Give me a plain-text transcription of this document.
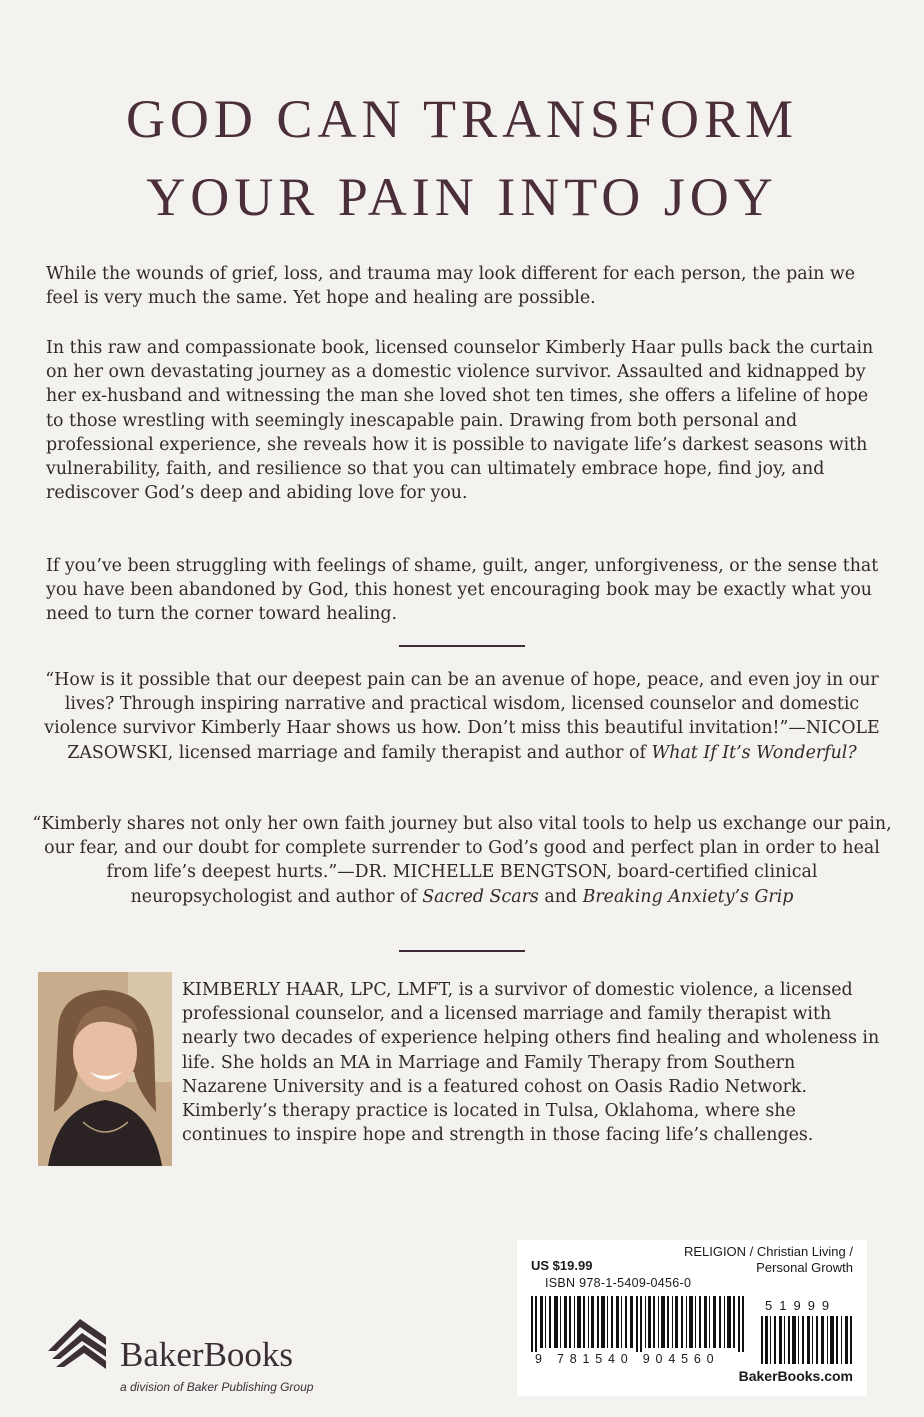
GOD CAN TRANSFORM
YOUR PAIN INTO JOY
While the wounds of grief, loss, and trauma may look different for each person, the pain we feel is very much the same. Yet hope and healing are possible.
In this raw and compassionate book, licensed counselor Kimberly Haar pulls back the curtain on her own devastating journey as a domestic violence survivor. Assaulted and kidnapped by her ex-husband and witnessing the man she loved shot ten times, she offers a lifeline of hope to those wrestling with seemingly inescapable pain. Drawing from both personal and professional experience, she reveals how it is possible to navigate life’s darkest seasons with vulnerability, faith, and resilience so that you can ultimately embrace hope, find joy, and rediscover God’s deep and abiding love for you.
If you’ve been struggling with feelings of shame, guilt, anger, unforgiveness, or the sense that you have been abandoned by God, this honest yet encouraging book may be exactly what you need to turn the corner toward healing.
“How is it possible that our deepest pain can be an avenue of hope, peace, and even joy in our lives? Through inspiring narrative and practical wisdom, licensed counselor and domestic violence survivor Kimberly Haar shows us how. Don’t miss this beautiful invitation!”—NICOLE ZASOWSKI, licensed marriage and family therapist and author of What If It’s Wonderful?
“Kimberly shares not only her own faith journey but also vital tools to help us exchange our pain, our fear, and our doubt for complete surrender to God’s good and perfect plan in order to heal from life’s deepest hurts.”—DR. MICHELLE BENGTSON, board-certified clinical neuropsychologist and author of Sacred Scars and Breaking Anxiety’s Grip
KIMBERLY HAAR, LPC, LMFT, is a survivor of domestic violence, a licensed professional counselor, and a licensed marriage and family therapist with nearly two decades of experience helping others find healing and wholeness in life. She holds an MA in Marriage and Family Therapy from Southern Nazarene University and is a featured cohost on Oasis Radio Network. Kimberly’s therapy practice is located in Tulsa, Oklahoma, where she continues to inspire hope and strength in those facing life’s challenges.
BakerBooks
a division of Baker Publishing Group
US $19.99
RELIGION / Christian Living /
Personal Growth
ISBN 978-1-5409-0456-0
51999
9 781540 904560
BakerBooks.com
